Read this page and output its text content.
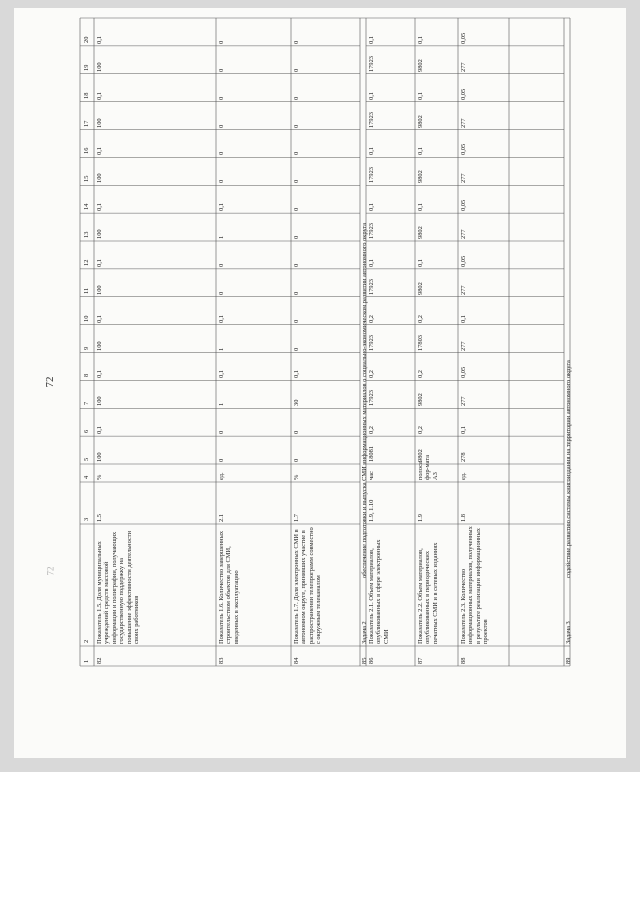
72
72
1
2
3
4
5
6
7
8
9
10
11
12
13
14
15
16
17
18
19
20
82
Показатель 1.5. Доля муниципальных учреждений средств массовой информации и полиграфии, получающих государственную поддержку на повышение эффективности деятельности своих работников
1.5
%
100
0,1
100
0,1
100
0,1
100
0,1
100
0,1
100
0,1
100
0,1
100
0,1
83
Показатель 1.6. Количество завершенных строительством объектов для СМИ, введенных в эксплуатацию
2.1
ед.
0
0
1
0,1
1
0,1
0
0
1
0,1
0
0
0
0
0
0
84
Показатель 1.7. Доля электронных СМИ в автономном округе, принявших участие в распространении телепрограмм совместно с окружным телеканалом
1.7
%
0
0
30
0,1
0
0
0
0
0
0
0
0
0
0
0
0
86
Показатель 2.1. Объем материалов, опубликованных в сфере электронных СМИ
1.9, 1.10
час
18081
0,2
17923
0,2
17923
0,2
17923
0,1
17923
0,1
17923
0,1
17923
0,1
17923
0,1
87
Показатель 2.2. Объем материалов, опубликованных в периодических печатных СМИ и в сетевых изданиях
1.9
полоса фор-мата А3
9802
0,2
9802
0,2
17803
0,2
9802
0,1
9802
0,1
9802
0,1
9802
0,1
9802
0,1
88
Показатель 2.3. Количество информационных материалов, полученных в результате реализации информационных проектов
1.8
ед.
278
0,1
277
0,05
277
0,1
277
0,05
277
0,05
277
0,05
277
0,05
277
0,05
85
Задача 2
обеспечение подготовки и выпуска СМИ информационных материалов о социально-экономическом развитии автономного округа
89
Задача 3
содействие развитию системы книгоиздания на территории автономного округа
